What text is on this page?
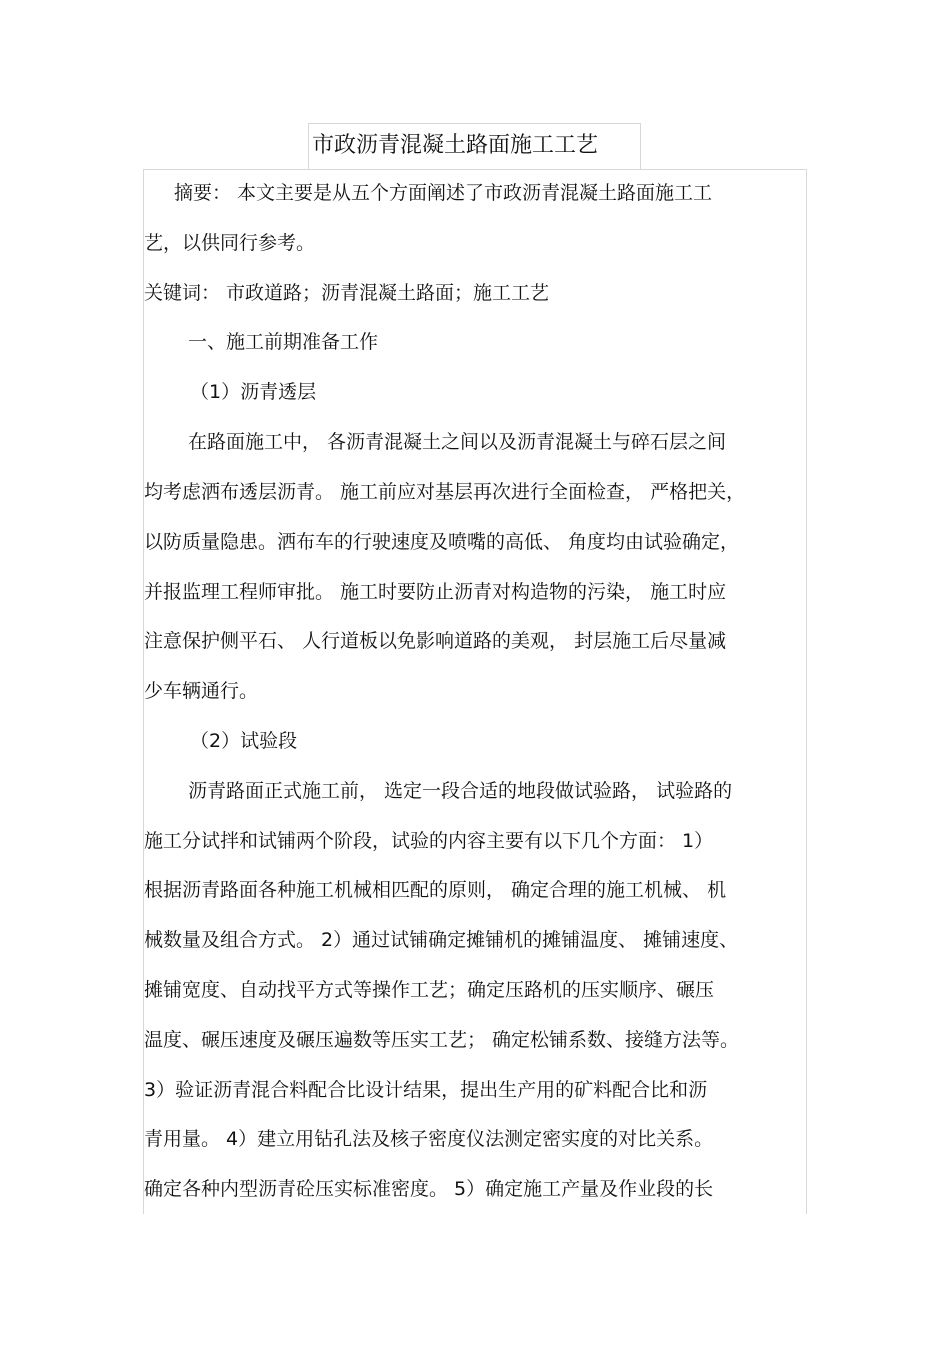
市政沥青混凝土路面施工工艺
摘要： 本文主要是从五个方面阐述了市政沥青混凝土路面施工工
艺，以供同行参考。
关键词： 市政道路；沥青混凝土路面；施工工艺
一、施工前期准备工作
（1）沥青透层
在路面施工中， 各沥青混凝土之间以及沥青混凝土与碎石层之间
均考虑洒布透层沥青。 施工前应对基层再次进行全面检查， 严格把关，
以防质量隐患。洒布车的行驶速度及喷嘴的高低、 角度均由试验确定，
并报监理工程师审批。 施工时要防止沥青对构造物的污染， 施工时应
注意保护侧平石、 人行道板以免影响道路的美观， 封层施工后尽量减
少车辆通行。
（2）试验段
沥青路面正式施工前， 选定一段合适的地段做试验路， 试验路的
施工分试拌和试铺两个阶段，试验的内容主要有以下几个方面： 1）
根据沥青路面各种施工机械相匹配的原则， 确定合理的施工机械、 机
械数量及组合方式。 2）通过试铺确定摊铺机的摊铺温度、 摊铺速度、
摊铺宽度、自动找平方式等操作工艺；确定压路机的压实顺序、碾压
温度、碾压速度及碾压遍数等压实工艺； 确定松铺系数、接缝方法等。
3）验证沥青混合料配合比设计结果，提出生产用的矿料配合比和沥
青用量。 4）建立用钻孔法及核子密度仪法测定密实度的对比关系。
确定各种内型沥青砼压实标准密度。 5）确定施工产量及作业段的长
